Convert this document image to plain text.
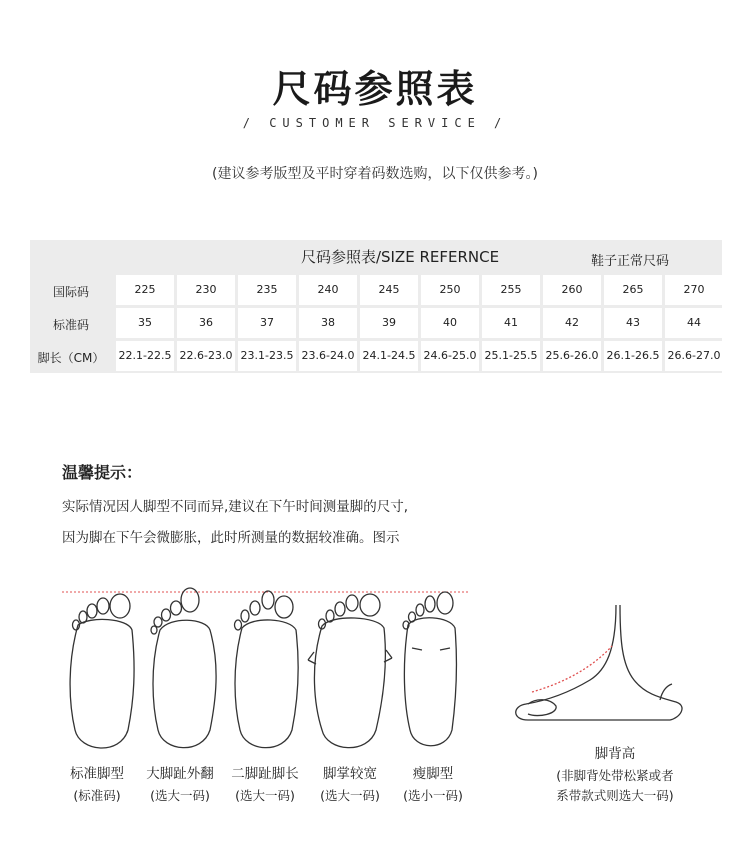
尺码参照表
/ CUSTOMER SERVICE /
(建议参考版型及平时穿着码数选购，以下仅供参考。)
尺码参照表/SIZE REFERNCE	鞋子正常尺码
国际码	225	230	235	240	245	250	255	260	265	270
标准码	35	36	37	38	39	40	41	42	43	44
脚长（CM）	22.1-22.5 22.6-23.0 23.1-23.5 23.6-24.0 24.1-24.5 24.6-25.0 25.1-25.5 25.6-26.0 26.1-26.5 26.6-27.0
温馨提示：
实际情况因人脚型不同而异,建议在下午时间测量脚的尺寸,
因为脚在下午会微膨胀，此时所测量的数据较准确。图示
标准脚型	大脚趾外翻	二脚趾脚长	脚掌较宽	瘦脚型
(标准码)	(选大一码)	(选大一码)	(选大一码)	(选小一码)
脚背高
(非脚背处带松紧或者
系带款式则选大一码)
